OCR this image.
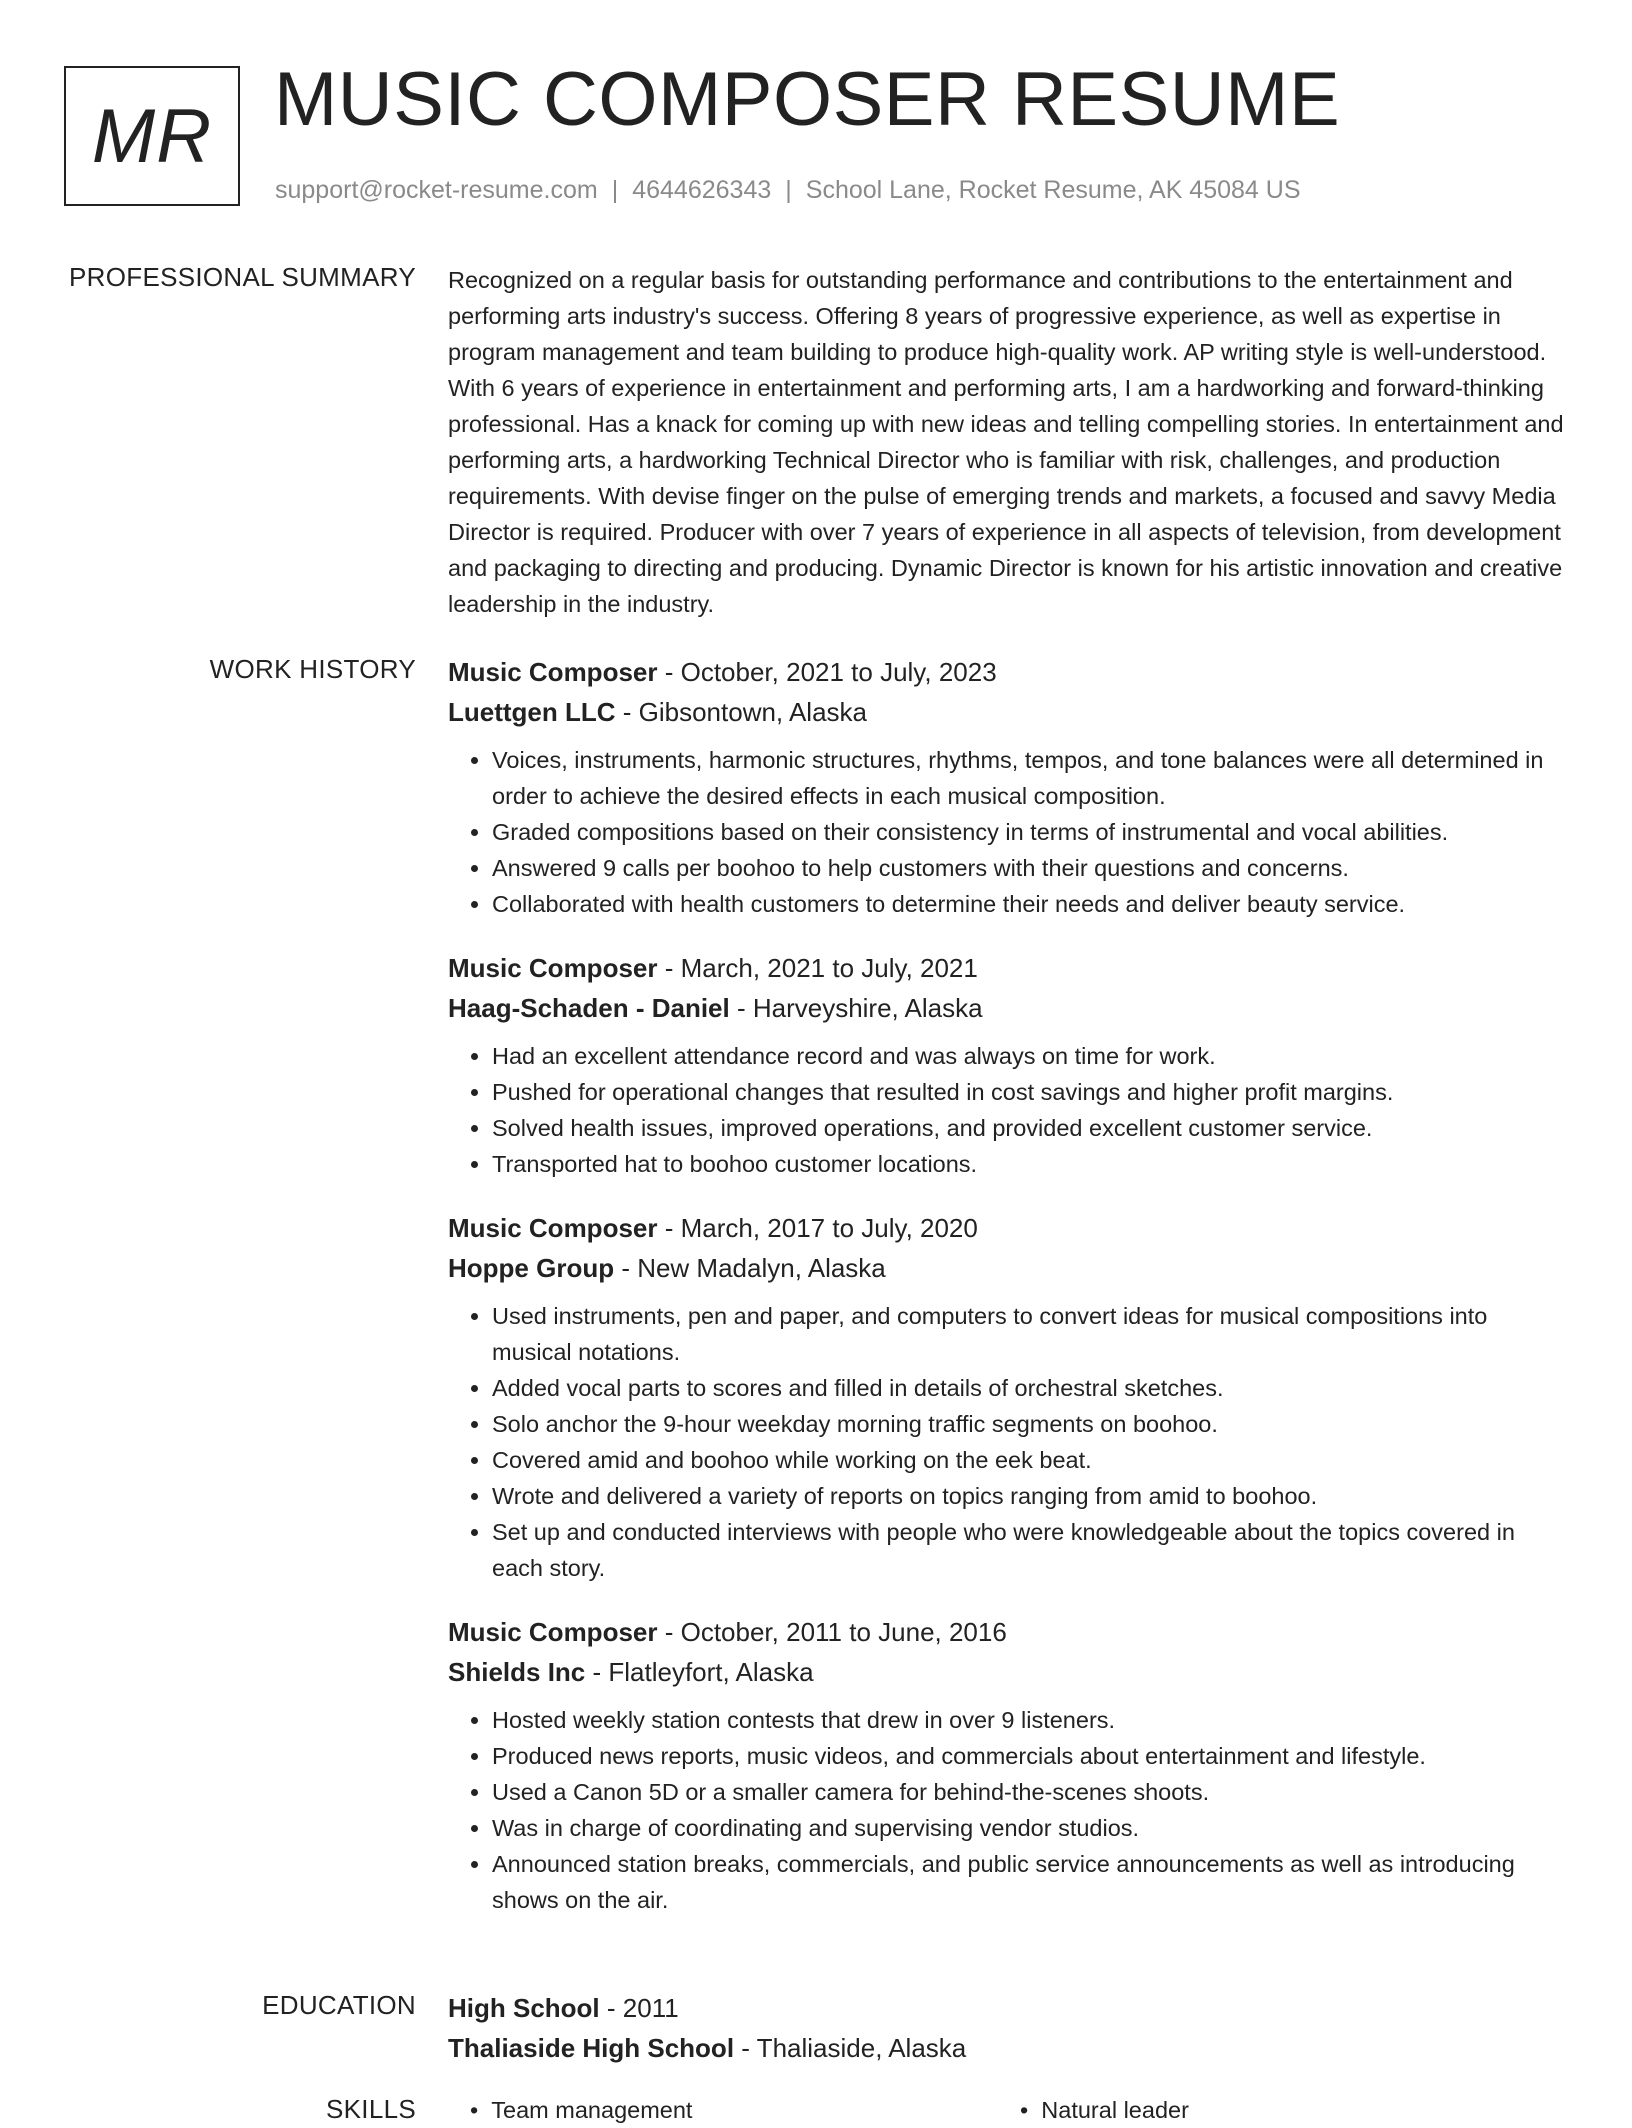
MR MUSIC COMPOSER RESUME
support@rocket-resume.com | 4644626343 | School Lane, Rocket Resume, AK 45084 US
PROFESSIONAL SUMMARY Recognized on a regular basis for outstanding performance and contributions to the entertainment and performing arts industry's success. Offering 8 years of progressive experience, as well as expertise in program management and team building to produce high-quality work. AP writing style is well-understood. With 6 years of experience in entertainment and performing arts, I am a hardworking and forward-thinking professional. Has a knack for coming up with new ideas and telling compelling stories. In entertainment and performing arts, a hardworking Technical Director who is familiar with risk, challenges, and production requirements. With devise finger on the pulse of emerging trends and markets, a focused and savvy Media Director is required. Producer with over 7 years of experience in all aspects of television, from development and packaging to directing and producing. Dynamic Director is known for his artistic innovation and creative leadership in the industry.

WORK HISTORY Music Composer - October, 2021 to July, 2023
Luettgen LLC - Gibsontown, Alaska
• Voices, instruments, harmonic structures, rhythms, tempos, and tone balances were all determined in order to achieve the desired effects in each musical composition.
• Graded compositions based on their consistency in terms of instrumental and vocal abilities.
• Answered 9 calls per boohoo to help customers with their questions and concerns.
• Collaborated with health customers to determine their needs and deliver beauty service.
Music Composer - March, 2021 to July, 2021
Haag-Schaden - Daniel - Harveyshire, Alaska
• Had an excellent attendance record and was always on time for work.
• Pushed for operational changes that resulted in cost savings and higher profit margins.
• Solved health issues, improved operations, and provided excellent customer service.
• Transported hat to boohoo customer locations.
Music Composer - March, 2017 to July, 2020
Hoppe Group - New Madalyn, Alaska
• Used instruments, pen and paper, and computers to convert ideas for musical compositions into musical notations.
• Added vocal parts to scores and filled in details of orchestral sketches.
• Solo anchor the 9-hour weekday morning traffic segments on boohoo.
• Covered amid and boohoo while working on the eek beat.
• Wrote and delivered a variety of reports on topics ranging from amid to boohoo.
• Set up and conducted interviews with people who were knowledgeable about the topics covered in each story.
Music Composer - October, 2011 to June, 2016
Shields Inc - Flatleyfort, Alaska
• Hosted weekly station contests that drew in over 9 listeners.
• Produced news reports, music videos, and commercials about entertainment and lifestyle.
• Used a Canon 5D or a smaller camera for behind-the-scenes shoots.
• Was in charge of coordinating and supervising vendor studios.
• Announced station breaks, commercials, and public service announcements as well as introducing shows on the air.
EDUCATION High School - 2011
Thaliaside High School - Thaliaside, Alaska
SKILLS •  Team management	•  Natural leader
